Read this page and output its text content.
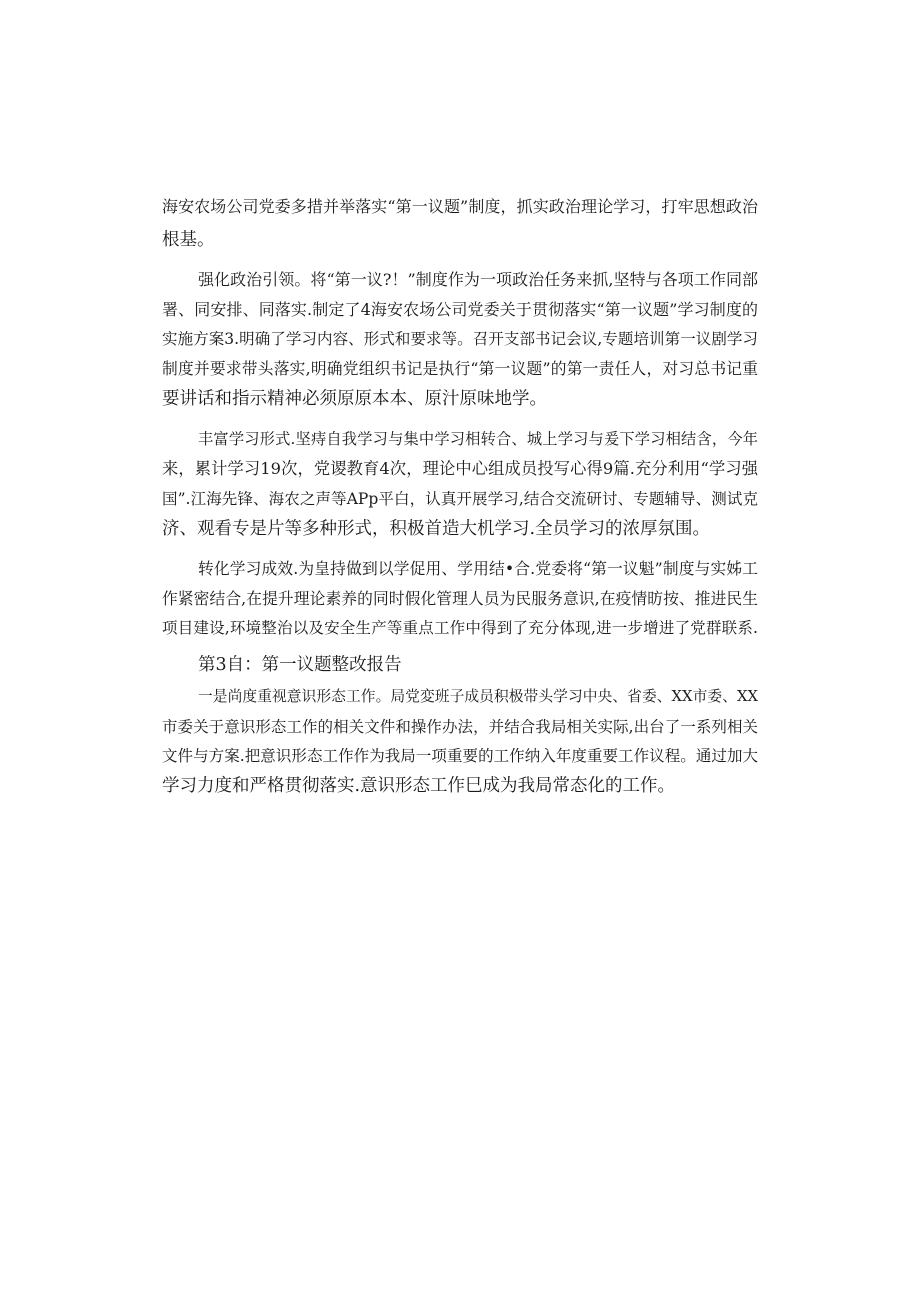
海安农场公司党委多措并举落实“第一议题”制度，抓实政治理论学习，打牢思想政治
根基。
强化政治引领。将“第一议?！”制度作为一项政治任务来抓,坚特与各项工作同部
署、同安排、同落实.制定了4海安农场公司党委关于贯彻落实“第一议题”学习制度的
实施方案3.明确了学习内容、形式和要求等。召开支部书记会议,专题培训第一议剧学习
制度并要求带头落实,明确党组织书记是执行“第一议题”的第一责任人，对习总书记重
要讲话和指示精神必须原原本本、原汁原味地学。
丰富学习形式.坚痔自我学习与集中学习相转合、城上学习与爰下学习相结含，今年
来，累计学习19次，党谡教育4次，理论中心组成员投写心得9篇.充分利用“学习强
国”.江海先锋、海农之声等APp平白，认真开展学习,结合交流研讨、专题辅导、测试克
济、观看专是片等多种形式，积极首造大机学习.全员学习的浓厚氛围。
转化学习成效.为皇持做到以学促用、学用结•合.党委将“第一议魁”制度与实姊工
作紧密结合,在提升理论素养的同时假化管理人员为民服务意识,在疫情昉按、推进民生
项目建设,环境整治以及安全生产等重点工作中得到了充分体现,进一步增进了党群联系.
第3自：第一议题整改报告
一是尚度重视意识形态工作。局党変班子成员积极带头学习中央、省委、XX市委、XX
市委关于意识形态工作的相关文件和操作办法，并结合我局相关实际,出台了一系列相关
文件与方案.把意识形态工作作为我局一项重要的工作纳入年度重要工作议程。通过加大
学习力度和严格贯彻落实.意识形态工作巳成为我局常态化的工作。
